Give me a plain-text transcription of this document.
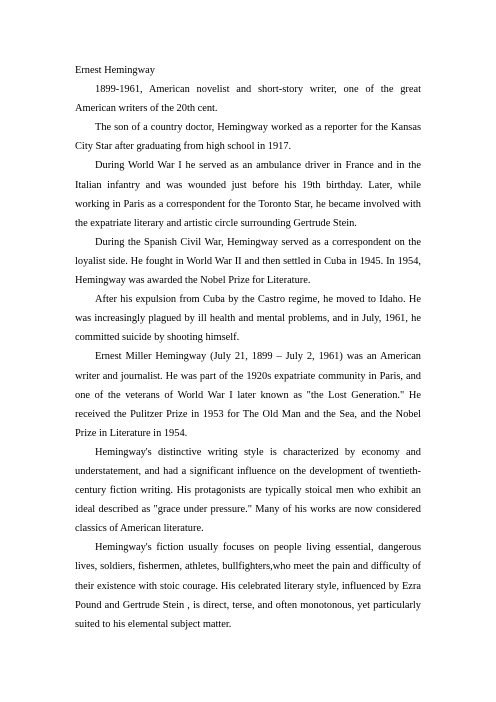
Ernest Hemingway

1899-1961, American novelist and short-story writer, one of the great American writers of the 20th cent.

The son of a country doctor, Hemingway worked as a reporter for the Kansas City Star after graduating from high school in 1917.

During World War I he served as an ambulance driver in France and in the Italian infantry and was wounded just before his 19th birthday. Later, while working in Paris as a correspondent for the Toronto Star, he became involved with the expatriate literary and artistic circle surrounding Gertrude Stein.

During the Spanish Civil War, Hemingway served as a correspondent on the loyalist side. He fought in World War II and then settled in Cuba in 1945. In 1954, Hemingway was awarded the Nobel Prize for Literature.

After his expulsion from Cuba by the Castro regime, he moved to Idaho. He was increasingly plagued by ill health and mental problems, and in July, 1961, he committed suicide by shooting himself.

Ernest Miller Hemingway (July 21, 1899 – July 2, 1961) was an American writer and journalist. He was part of the 1920s expatriate community in Paris, and one of the veterans of World War I later known as "the Lost Generation." He received the Pulitzer Prize in 1953 for The Old Man and the Sea, and the Nobel Prize in Literature in 1954.

Hemingway's distinctive writing style is characterized by economy and understatement, and had a significant influence on the development of twentieth-century fiction writing. His protagonists are typically stoical men who exhibit an ideal described as "grace under pressure." Many of his works are now considered classics of American literature.

Hemingway's fiction usually focuses on people living essential, dangerous lives, soldiers, fishermen, athletes, bullfighters,who meet the pain and difficulty of their existence with stoic courage. His celebrated literary style, influenced by Ezra Pound and Gertrude Stein , is direct, terse, and often monotonous, yet particularly suited to his elemental subject matter.
